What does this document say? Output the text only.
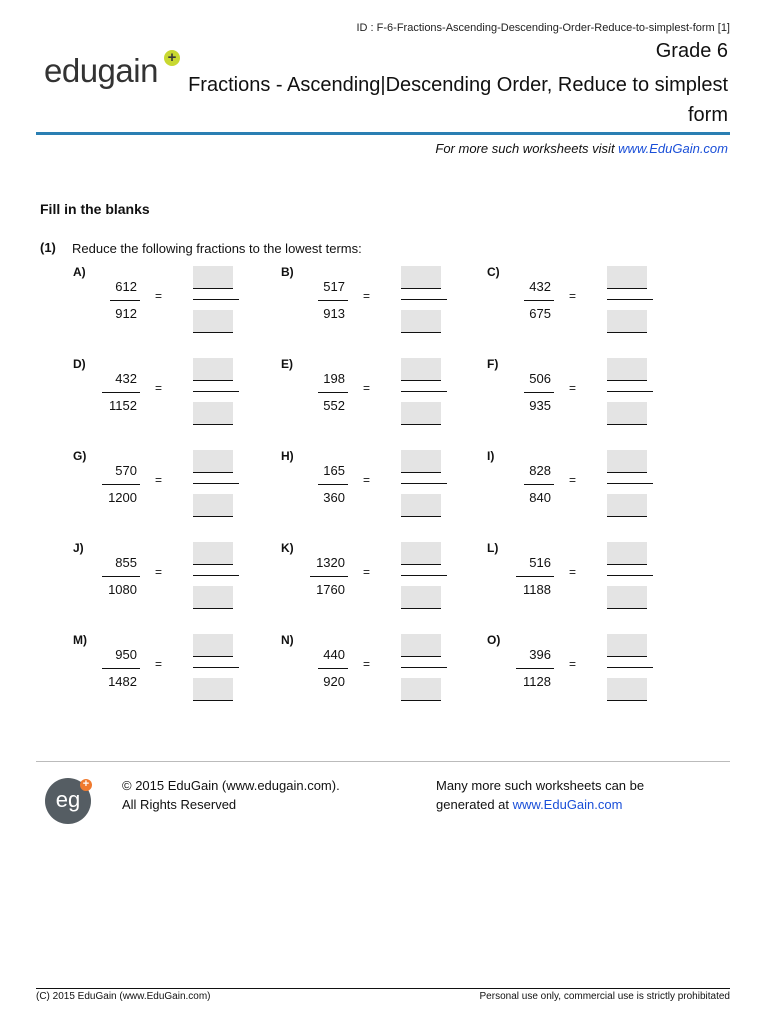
ID : F-6-Fractions-Ascending-Descending-Order-Reduce-to-simplest-form [1]
edugain +	Grade 6
Fractions - Ascending|Descending Order, Reduce to simplest form
For more such worksheets visit www.EduGain.com
Fill in the blanks
(1) Reduce the following fractions to the lowest terms:
A)
612
912
=
B)
517
913
=
C)
432
675
=
D)
432
1152
=
E)
198
552
=
F)
506
935
=
G)
570
1200
=
H)
165
360
=
I)
828
840
=
J)
855
1080
=
K)
1320
1760
=
L)
516
1188
=
M)
950
1482
=
N)
440
920
=
O)
396
1128
=
eg
+	© 2015 EduGain (www.edugain.com).
All Rights Reserved
Many more such worksheets can be
generated at www.EduGain.com
(C) 2015 EduGain (www.EduGain.com)	Personal use only, commercial use is strictly prohibitated
